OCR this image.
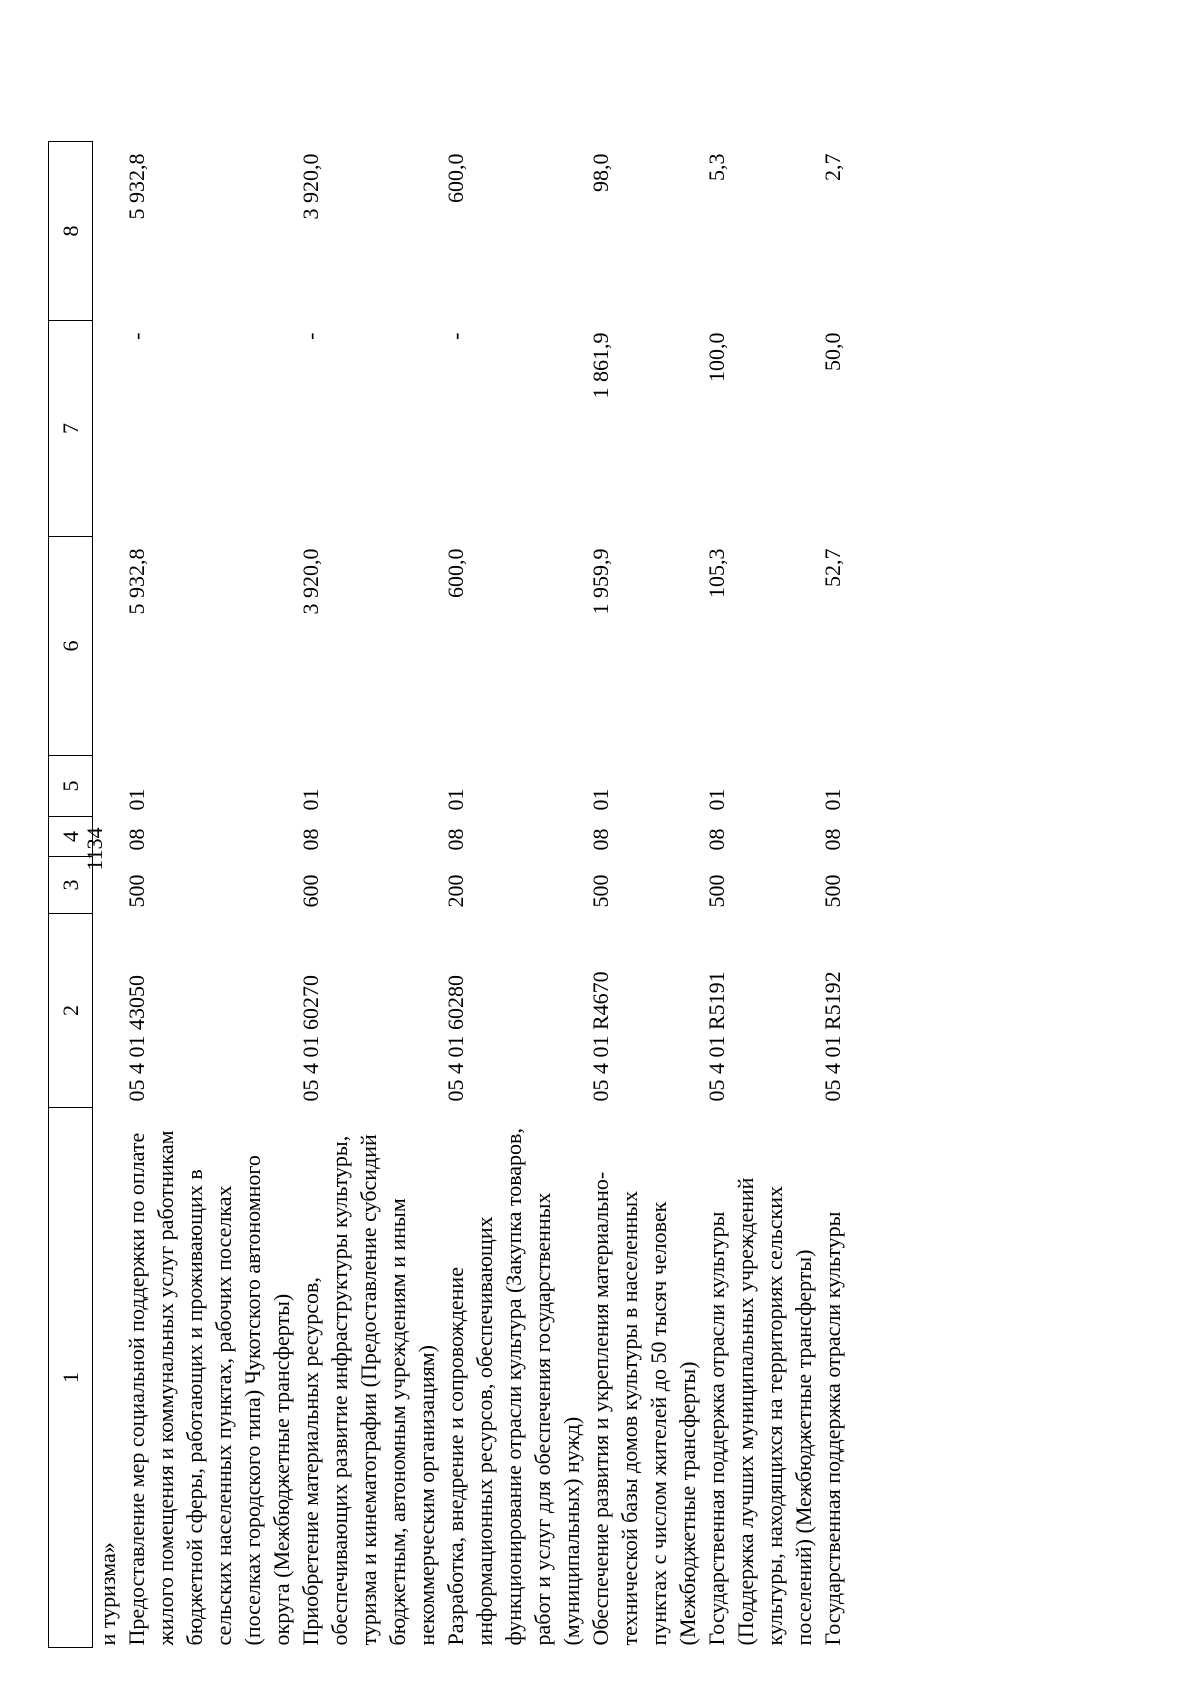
1134
1	2	3	4	5	6	7	8
и туризма»							
Предоставление мер социальной поддержки по оплате жилого помещения и коммунальных услуг работникам бюджетной сферы, работающих и проживающих в сельских населенных пунктах, рабочих поселках (поселках городского типа) Чукотского автономного округа (Межбюджетные трансферты)	05 4 01 43050	500	08	01	5 932,8	-	5 932,8
Приобретение материальных ресурсов, обеспечивающих развитие инфраструктуры культуры, туризма и кинематографии (Предоставление субсидий бюджетным, автономным учреждениям и иным некоммерческим организациям)	05 4 01 60270	600	08	01	3 920,0	-	3 920,0
Разработка, внедрение и сопровождение информационных ресурсов, обеспечивающих функционирование отрасли культура (Закупка товаров, работ и услуг для обеспечения государственных (муниципальных) нужд)	05 4 01 60280	200	08	01	600,0	-	600,0
Обеспечение развития и укрепления материально-технической базы домов культуры в населенных пунктах с числом жителей до 50 тысяч человек (Межбюджетные трансферты)	05 4 01 R4670	500	08	01	1 959,9	1 861,9	98,0
Государственная поддержка отрасли культуры (Поддержка лучших муниципальных учреждений культуры, находящихся на территориях сельских поселений) (Межбюджетные трансферты)	05 4 01 R5191	500	08	01	105,3	100,0	5,3
Государственная поддержка отрасли культуры	05 4 01 R5192	500	08	01	52,7	50,0	2,7
